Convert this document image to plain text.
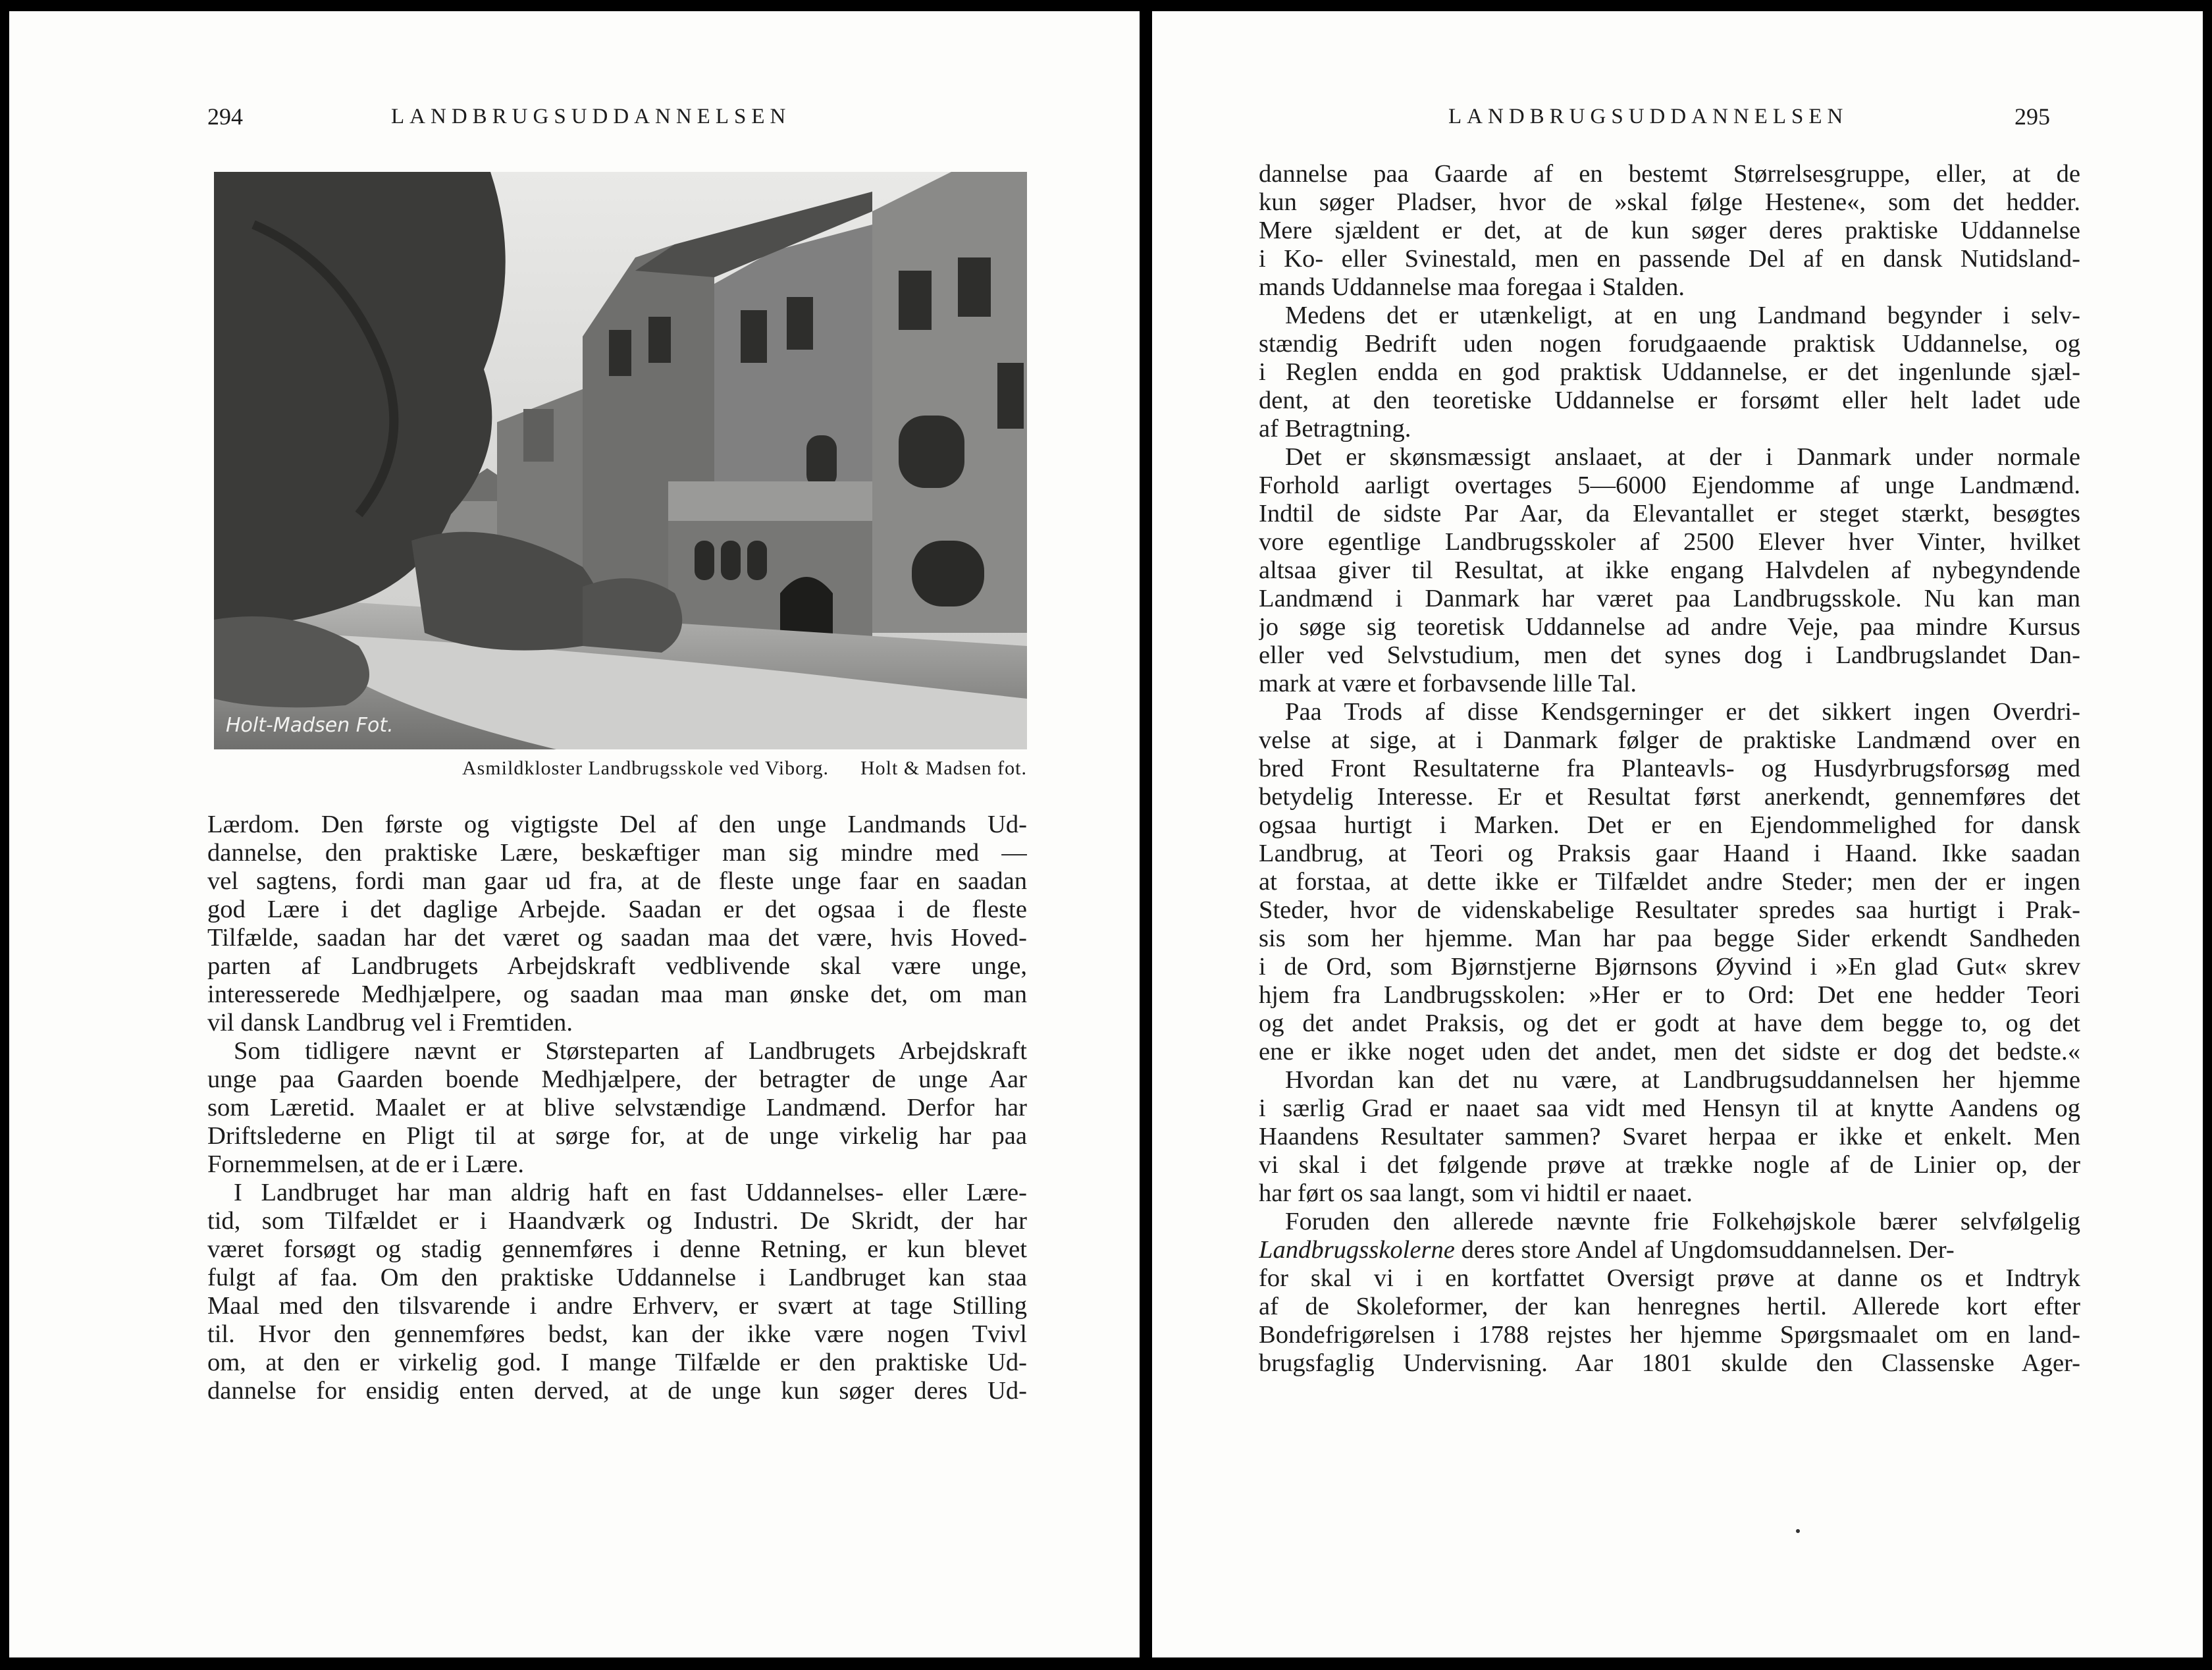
294	LANDBRUGSUDDANNELSEN
Holt-Madsen Fot.
Asmildkloster Landbrugsskole ved Viborg. Holt & Madsen fot.
Lærdom. Den første og vigtigste Del af den unge Landmands Ud-
dannelse, den praktiske Lære, beskæftiger man sig mindre med —
vel sagtens, fordi man gaar ud fra, at de fleste unge faar en saadan
god Lære i det daglige Arbejde. Saadan er det ogsaa i de fleste
Tilfælde, saadan har det været og saadan maa det være, hvis Hoved-
parten af Landbrugets Arbejdskraft vedblivende skal være unge,
interesserede Medhjælpere, og saadan maa man ønske det, om man
vil dansk Landbrug vel i Fremtiden.
Som tidligere nævnt er Størsteparten af Landbrugets Arbejdskraft
unge paa Gaarden boende Medhjælpere, der betragter de unge Aar
som Læretid. Maalet er at blive selvstændige Landmænd. Derfor har
Driftslederne en Pligt til at sørge for, at de unge virkelig har paa
Fornemmelsen, at de er i Lære.
I Landbruget har man aldrig haft en fast Uddannelses- eller Lære-
tid, som Tilfældet er i Haandværk og Industri. De Skridt, der har
været forsøgt og stadig gennemføres i denne Retning, er kun blevet
fulgt af faa. Om den praktiske Uddannelse i Landbruget kan staa
Maal med den tilsvarende i andre Erhverv, er svært at tage Stilling
til. Hvor den gennemføres bedst, kan der ikke være nogen Tvivl
om, at den er virkelig god. I mange Tilfælde er den praktiske Ud-
dannelse for ensidig enten derved, at de unge kun søger deres Ud-
LANDBRUGSUDDANNELSEN	295
dannelse paa Gaarde af en bestemt Størrelsesgruppe, eller, at de
kun søger Pladser, hvor de »skal følge Hestene«, som det hedder.
Mere sjældent er det, at de kun søger deres praktiske Uddannelse
i Ko- eller Svinestald, men en passende Del af en dansk Nutidsland-
mands Uddannelse maa foregaa i Stalden.
Medens det er utænkeligt, at en ung Landmand begynder i selv-
stændig Bedrift uden nogen forudgaaende praktisk Uddannelse, og
i Reglen endda en god praktisk Uddannelse, er det ingenlunde sjæl-
dent, at den teoretiske Uddannelse er forsømt eller helt ladet ude
af Betragtning.
Det er skønsmæssigt anslaaet, at der i Danmark under normale
Forhold aarligt overtages 5—6000 Ejendomme af unge Landmænd.
Indtil de sidste Par Aar, da Elevantallet er steget stærkt, besøgtes
vore egentlige Landbrugsskoler af 2500 Elever hver Vinter, hvilket
altsaa giver til Resultat, at ikke engang Halvdelen af nybegyndende
Landmænd i Danmark har været paa Landbrugsskole. Nu kan man
jo søge sig teoretisk Uddannelse ad andre Veje, paa mindre Kursus
eller ved Selvstudium, men det synes dog i Landbrugslandet Dan-
mark at være et forbavsende lille Tal.
Paa Trods af disse Kendsgerninger er det sikkert ingen Overdri-
velse at sige, at i Danmark følger de praktiske Landmænd over en
bred Front Resultaterne fra Planteavls- og Husdyrbrugsforsøg med
betydelig Interesse. Er et Resultat først anerkendt, gennemføres det
ogsaa hurtigt i Marken. Det er en Ejendommelighed for dansk
Landbrug, at Teori og Praksis gaar Haand i Haand. Ikke saadan
at forstaa, at dette ikke er Tilfældet andre Steder; men der er ingen
Steder, hvor de videnskabelige Resultater spredes saa hurtigt i Prak-
sis som her hjemme. Man har paa begge Sider erkendt Sandheden
i de Ord, som Bjørnstjerne Bjørnsons Øyvind i »En glad Gut« skrev
hjem fra Landbrugsskolen: »Her er to Ord: Det ene hedder Teori
og det andet Praksis, og det er godt at have dem begge to, og det
ene er ikke noget uden det andet, men det sidste er dog det bedste.«
Hvordan kan det nu være, at Landbrugsuddannelsen her hjemme
i særlig Grad er naaet saa vidt med Hensyn til at knytte Aandens og
Haandens Resultater sammen? Svaret herpaa er ikke et enkelt. Men
vi skal i det følgende prøve at trække nogle af de Linier op, der
har ført os saa langt, som vi hidtil er naaet.
Foruden den allerede nævnte frie Folkehøjskole bærer selvfølgelig
Landbrugsskolerne deres store Andel af Ungdomsuddannelsen. Der-
for skal vi i en kortfattet Oversigt prøve at danne os et Indtryk
af de Skoleformer, der kan henregnes hertil. Allerede kort efter
Bondefrigørelsen i 1788 rejstes her hjemme Spørgsmaalet om en land-
brugsfaglig Undervisning. Aar 1801 skulde den Classenske Ager-
